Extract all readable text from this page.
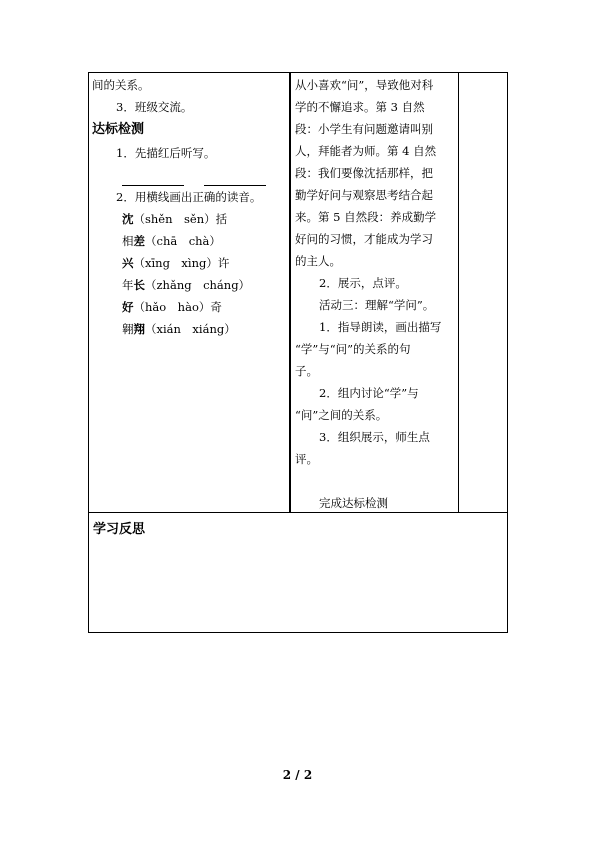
间的关系。
3．班级交流。
达标检测
1．先描红后听写。
2．用横线画出正确的读音。
沈（shěn　sěn）括
相差（chā　chà）
兴（xīng　xìng）许
年长（zhǎng　cháng）
好（hǎo　hào）奇
翱翔（xián　xiáng）
从小喜欢“问”，导致他对科
学的不懈追求。第 3 自然
段：小学生有问题邀请叫别
人，拜能者为师。第 4 自然
段：我们要像沈括那样，把
勤学好问与观察思考结合起
来。第 5 自然段：养成勤学
好问的习惯，才能成为学习
的主人。
2．展示，点评。
活动三：理解“学问”。
1．指导朗读，画出描写
“学”与“问”的关系的句
子。
2．组内讨论“学”与
“问”之间的关系。
3．组织展示，师生点
评。
完成达标检测
学习反思
2 / 2
